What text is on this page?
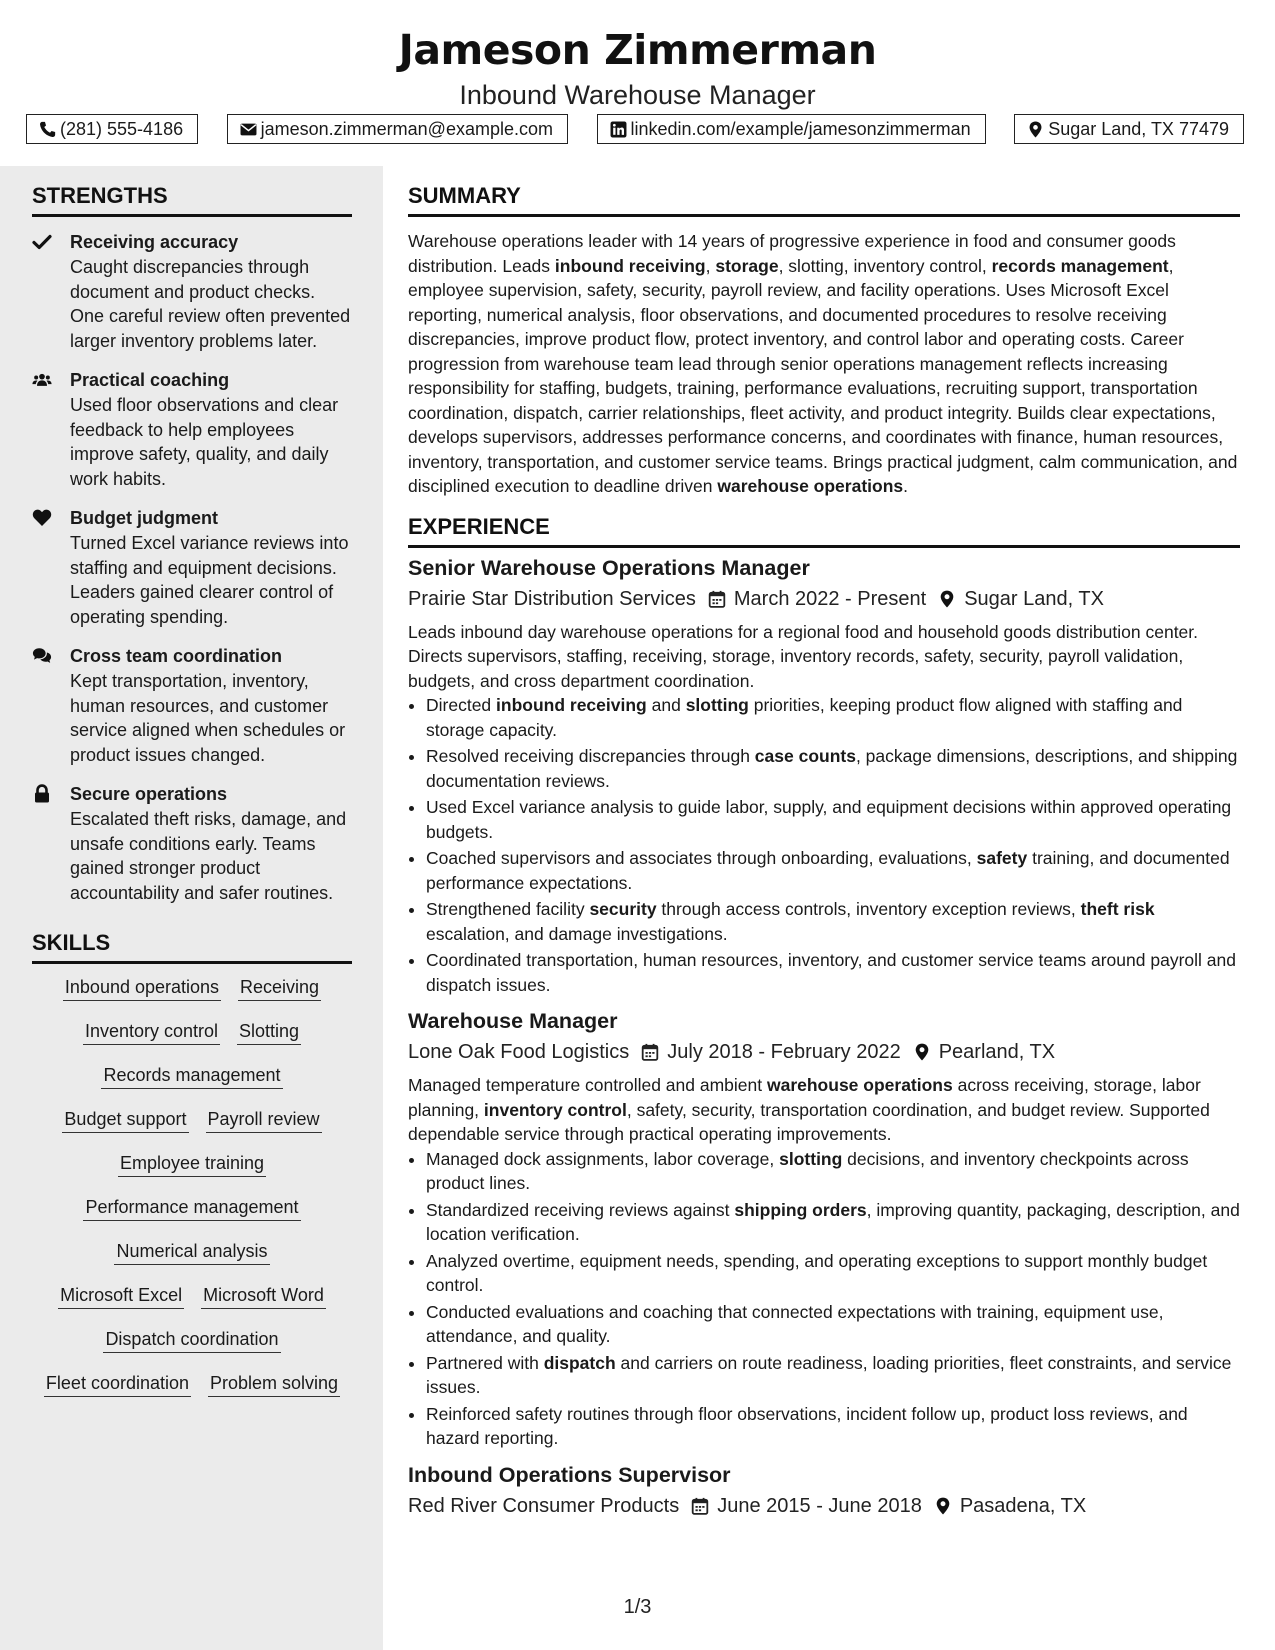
Jameson Zimmerman
Inbound Warehouse Manager
(281) 555-4186	jameson.zimmerman@example.com	linkedin.com/example/jamesonzimmerman	Sugar Land, TX 77479
STRENGTHS
Receiving accuracy
Caught discrepancies through document and product checks. One careful review often prevented larger inventory problems later.
Practical coaching
Used floor observations and clear feedback to help employees improve safety, quality, and daily work habits.
Budget judgment
Turned Excel variance reviews into staffing and equipment decisions. Leaders gained clearer control of operating spending.
Cross team coordination
Kept transportation, inventory, human resources, and customer service aligned when schedules or product issues changed.
Secure operations
Escalated theft risks, damage, and unsafe conditions early. Teams gained stronger product accountability and safer routines.
SKILLS
Inbound operations Receiving
Inventory control Slotting
Records management
Budget support Payroll review
Employee training
Performance management
Numerical analysis
Microsoft Excel Microsoft Word
Dispatch coordination
Fleet coordination Problem solving
SUMMARY

Warehouse operations leader with 14 years of progressive experience in food and consumer goods distribution. Leads inbound receiving, storage, slotting, inventory control, records management, employee supervision, safety, security, payroll review, and facility operations. Uses Microsoft Excel reporting, numerical analysis, floor observations, and documented procedures to resolve receiving discrepancies, improve product flow, protect inventory, and control labor and operating costs. Career progression from warehouse team lead through senior operations management reflects increasing responsibility for staffing, budgets, training, performance evaluations, recruiting support, transportation coordination, dispatch, carrier relationships, fleet activity, and product integrity. Builds clear expectations, develops supervisors, addresses performance concerns, and coordinates with finance, human resources, inventory, transportation, and customer service teams. Brings practical judgment, calm communication, and disciplined execution to deadline driven warehouse operations.

EXPERIENCE
Senior Warehouse Operations Manager
Prairie Star Distribution Services March 2022 - Present Sugar Land, TX
Leads inbound day warehouse operations for a regional food and household goods distribution center. Directs supervisors, staffing, receiving, storage, inventory records, safety, security, payroll validation, budgets, and cross department coordination.
• Directed inbound receiving and slotting priorities, keeping product flow aligned with staffing and storage capacity.
• Resolved receiving discrepancies through case counts, package dimensions, descriptions, and shipping documentation reviews.
• Used Excel variance analysis to guide labor, supply, and equipment decisions within approved operating budgets.
• Coached supervisors and associates through onboarding, evaluations, safety training, and documented performance expectations.
• Strengthened facility security through access controls, inventory exception reviews, theft risk escalation, and damage investigations.
• Coordinated transportation, human resources, inventory, and customer service teams around payroll and dispatch issues.
Warehouse Manager
Lone Oak Food Logistics July 2018 - February 2022 Pearland, TX
Managed temperature controlled and ambient warehouse operations across receiving, storage, labor planning, inventory control, safety, security, transportation coordination, and budget review. Supported dependable service through practical operating improvements.
• Managed dock assignments, labor coverage, slotting decisions, and inventory checkpoints across product lines.
• Standardized receiving reviews against shipping orders, improving quantity, packaging, description, and location verification.
• Analyzed overtime, equipment needs, spending, and operating exceptions to support monthly budget control.
• Conducted evaluations and coaching that connected expectations with training, equipment use, attendance, and quality.
• Partnered with dispatch and carriers on route readiness, loading priorities, fleet constraints, and service issues.
• Reinforced safety routines through floor observations, incident follow up, product loss reviews, and hazard reporting.
Inbound Operations Supervisor
Red River Consumer Products June 2015 - June 2018 Pasadena, TX
1/3
